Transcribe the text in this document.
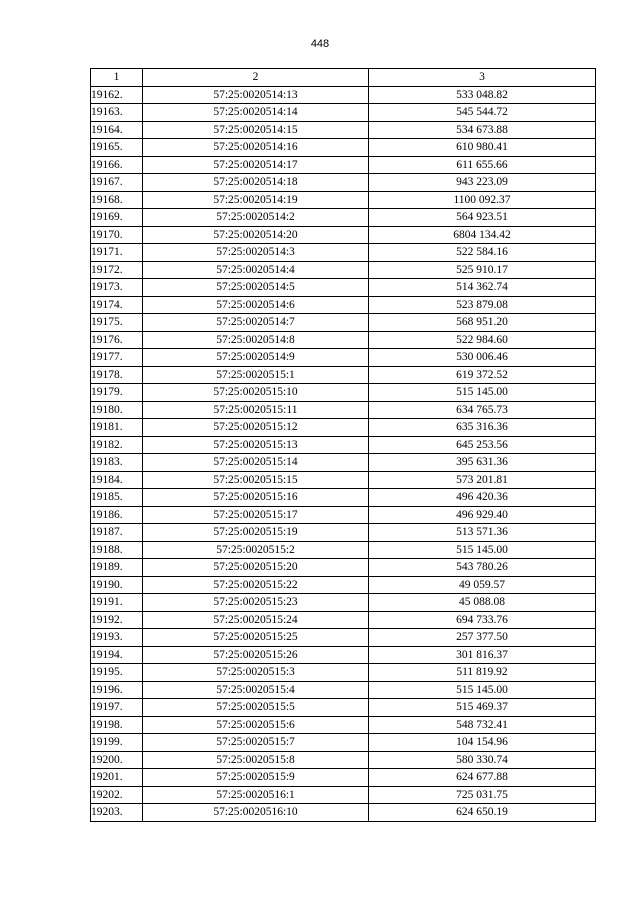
448
1	2	3
19162.	57:25:0020514:13	533 048.82
19163.	57:25:0020514:14	545 544.72
19164.	57:25:0020514:15	534 673.88
19165.	57:25:0020514:16	610 980.41
19166.	57:25:0020514:17	611 655.66
19167.	57:25:0020514:18	943 223.09
19168.	57:25:0020514:19	1100 092.37
19169.	57:25:0020514:2	564 923.51
19170.	57:25:0020514:20	6804 134.42
19171.	57:25:0020514:3	522 584.16
19172.	57:25:0020514:4	525 910.17
19173.	57:25:0020514:5	514 362.74
19174.	57:25:0020514:6	523 879.08
19175.	57:25:0020514:7	568 951.20
19176.	57:25:0020514:8	522 984.60
19177.	57:25:0020514:9	530 006.46
19178.	57:25:0020515:1	619 372.52
19179.	57:25:0020515:10	515 145.00
19180.	57:25:0020515:11	634 765.73
19181.	57:25:0020515:12	635 316.36
19182.	57:25:0020515:13	645 253.56
19183.	57:25:0020515:14	395 631.36
19184.	57:25:0020515:15	573 201.81
19185.	57:25:0020515:16	496 420.36
19186.	57:25:0020515:17	496 929.40
19187.	57:25:0020515:19	513 571.36
19188.	57:25:0020515:2	515 145.00
19189.	57:25:0020515:20	543 780.26
19190.	57:25:0020515:22	49 059.57
19191.	57:25:0020515:23	45 088.08
19192.	57:25:0020515:24	694 733.76
19193.	57:25:0020515:25	257 377.50
19194.	57:25:0020515:26	301 816.37
19195.	57:25:0020515:3	511 819.92
19196.	57:25:0020515:4	515 145.00
19197.	57:25:0020515:5	515 469.37
19198.	57:25:0020515:6	548 732.41
19199.	57:25:0020515:7	104 154.96
19200.	57:25:0020515:8	580 330.74
19201.	57:25:0020515:9	624 677.88
19202.	57:25:0020516:1	725 031.75
19203.	57:25:0020516:10	624 650.19
